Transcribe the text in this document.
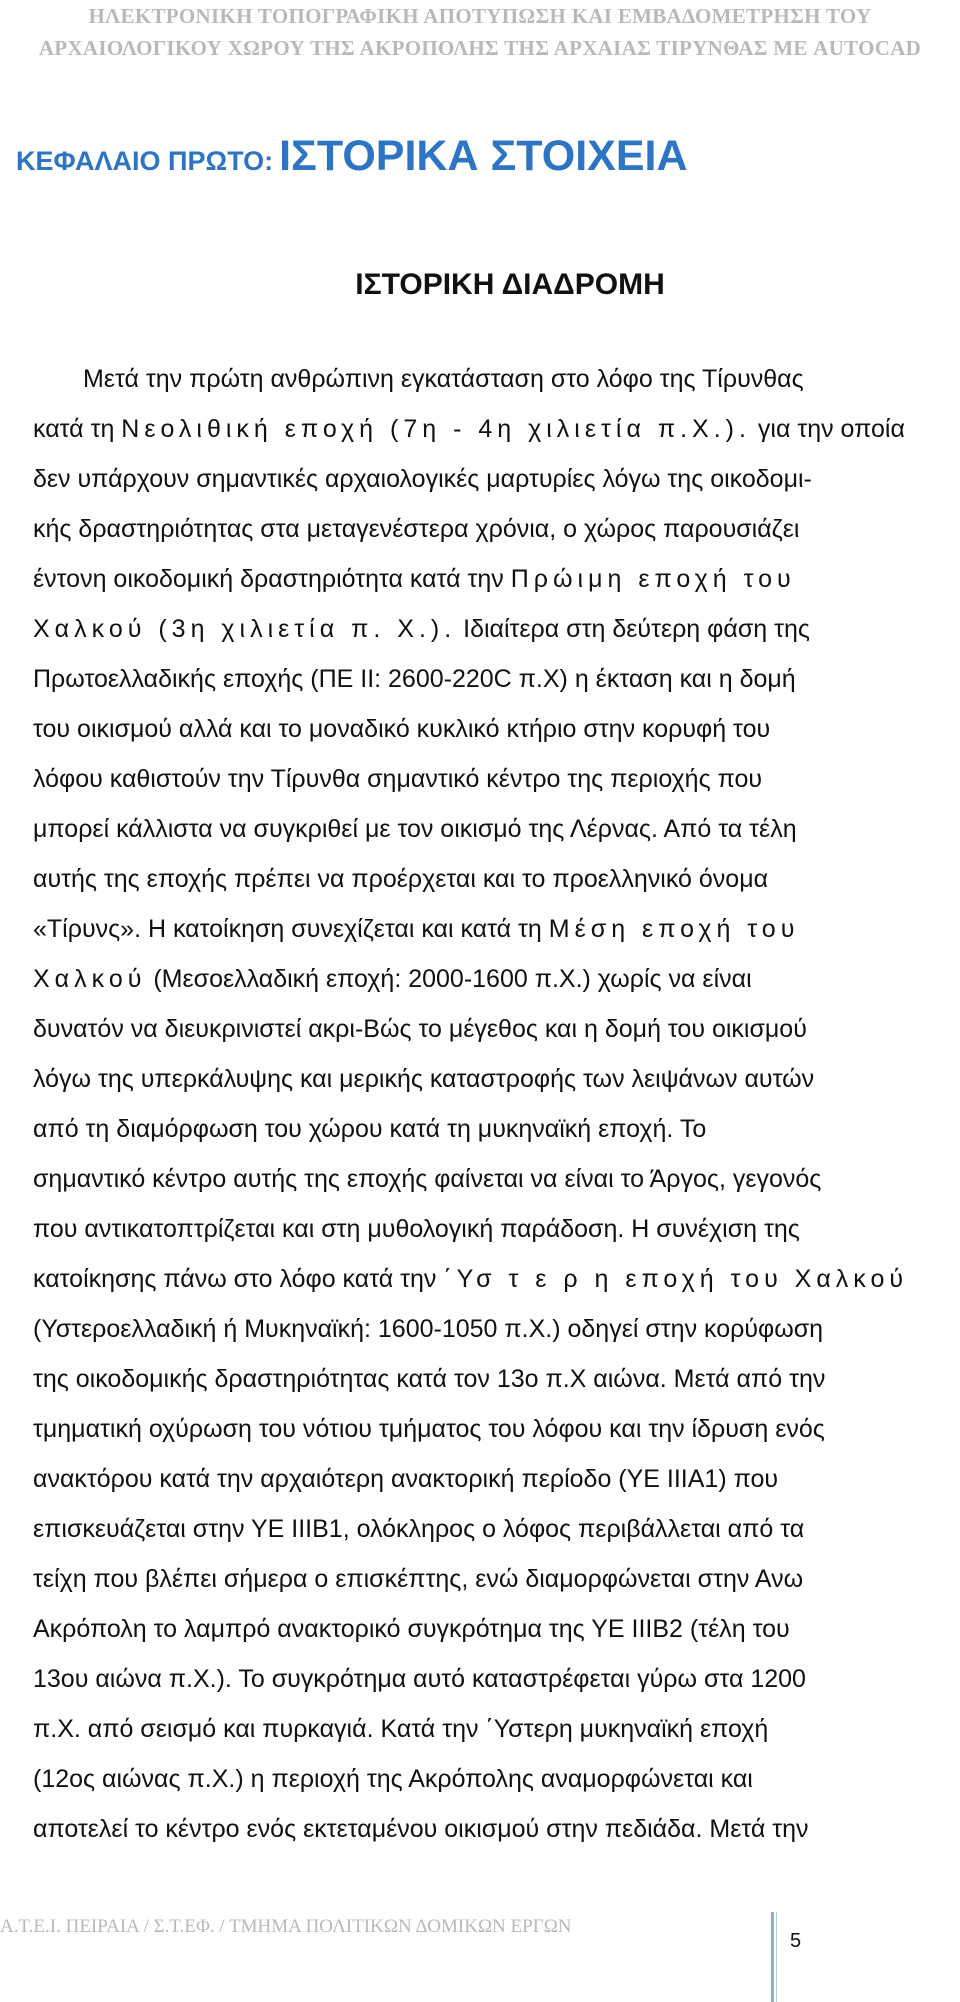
ΗΛΕΚΤΡΟΝΙΚΗ ΤΟΠΟΓΡΑΦΙΚΗ ΑΠΟΤΥΠΩΣΗ ΚΑΙ ΕΜΒΑΔΟΜΕΤΡΗΣΗ ΤΟΥ
ΑΡΧΑΙΟΛΟΓΙΚΟΥ ΧΩΡΟΥ ΤΗΣ ΑΚΡΟΠΟΛΗΣ ΤΗΣ ΑΡΧΑΙΑΣ ΤΙΡΥΝΘΑΣ ΜΕ AUTOCAD
ΚΕΦΑΛΑΙΟ ΠΡΩΤΟ: ΙΣΤΟΡΙΚΑ ΣΤΟΙΧΕΙΑ
ΙΣΤΟΡΙΚΗ ΔΙΑΔΡΟΜΗ
Μετά την πρώτη ανθρώπινη εγκατάσταση στο λόφο της Τίρυνθας
κατά τη Νεολιθική εποχή (7η - 4η χιλιετία π.Χ.). για την οποία
δεν υπάρχουν σημαντικές αρχαιολογικές μαρτυρίες λόγω της οικοδομι-
κής δραστηριότητας στα μεταγενέστερα χρόνια, ο χώρος παρουσιάζει
έντονη οικοδομική δραστηριότητα κατά την Πρώιμη εποχή του
Χαλκού (3η χιλιετία π. Χ.). Ιδιαίτερα στη δεύτερη φάση της
Πρωτοελλαδικής εποχής (ΠΕ ΙΙ: 2600-220C π.Χ) η έκταση και η δομή
του οικισμού αλλά και το μοναδικό κυκλικό κτήριο στην κορυφή του
λόφου καθιστούν την Τίρυνθα σημαντικό κέντρο της περιοχής που
μπορεί κάλλιστα να συγκριθεί με τον οικισμό της Λέρνας. Από τα τέλη
αυτής της εποχής πρέπει να προέρχεται και το προελληνικό όνομα
«Τίρυνς». Η κατοίκηση συνεχίζεται και κατά τη Μέση εποχή του
Χαλκού (Μεσοελλαδική εποχή: 2000-1600 π.Χ.) χωρίς να είναι
δυνατόν να διευκρινιστεί ακρι-Βώς το μέγεθος και η δομή του οικισμού
λόγω της υπερκάλυψης και μερικής καταστροφής των λειψάνων αυτών
από τη διαμόρφωση του χώρου κατά τη μυκηναϊκή εποχή. Το
σημαντικό κέντρο αυτής της εποχής φαίνεται να είναι το Άργος, γεγονός
που αντικατοπτρίζεται και στη μυθολογική παράδοση. Η συνέχιση της
κατοίκησης πάνω στο λόφο κατά την ΄Υσ τ ε ρ η εποχή του Χαλκού
(Υστεροελλαδική ή Μυκηναϊκή: 1600-1050 π.Χ.) οδηγεί στην κορύφωση
της οικοδομικής δραστηριότητας κατά τον 13ο π.Χ αιώνα. Μετά από την
τμηματική οχύρωση του νότιου τμήματος του λόφου και την ίδρυση ενός
ανακτόρου κατά την αρχαιότερη ανακτορική περίοδο (ΥΕ ΙΙΙΑ1) που
επισκευάζεται στην ΥΕ ΙΙΙΒ1, ολόκληρος ο λόφος περιβάλλεται από τα
τείχη που βλέπει σήμερα ο επισκέπτης, ενώ διαμορφώνεται στην Ανω
Ακρόπολη το λαμπρό ανακτορικό συγκρότημα της ΥΕ ΙΙΙΒ2 (τέλη του
13ου αιώνα π.Χ.). Το συγκρότημα αυτό καταστρέφεται γύρω στα 1200
π.Χ. από σεισμό και πυρκαγιά. Κατά την ΄Υστερη μυκηναϊκή εποχή
(12ος αιώνας π.Χ.) η περιοχή της Ακρόπολης αναμορφώνεται και
αποτελεί το κέντρο ενός εκτεταμένου οικισμού στην πεδιάδα. Μετά την
Α.Τ.Ε.Ι. ΠΕΙΡΑΙΑ / Σ.Τ.ΕΦ. / ΤΜΗΜΑ ΠΟΛΙΤΙΚΩΝ ΔΟΜΙΚΩΝ ΕΡΓΩΝ
5
